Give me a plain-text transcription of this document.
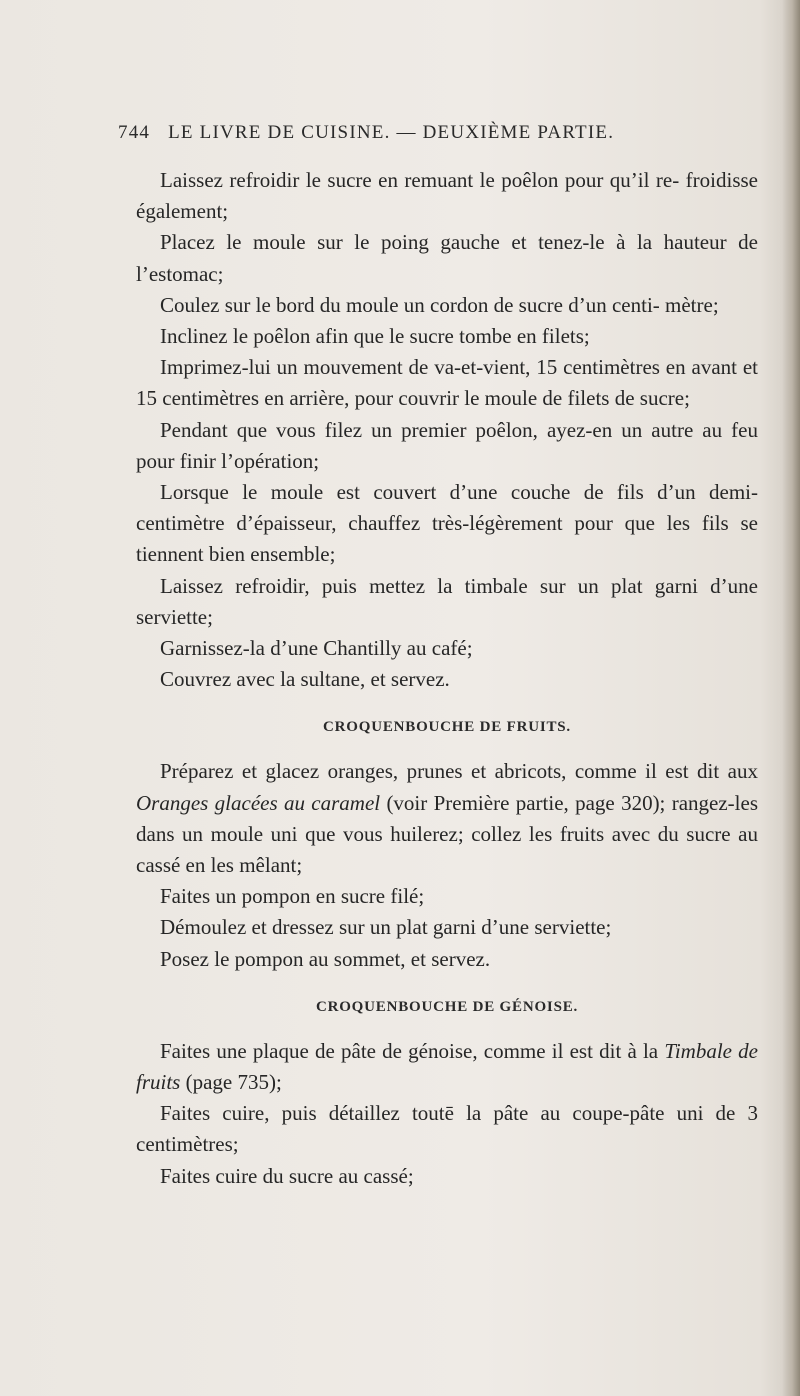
744 LE LIVRE DE CUISINE. — DEUXIÈME PARTIE.

Laissez refroidir le sucre en remuant le poêlon pour qu’il re- froidisse également;

Placez le moule sur le poing gauche et tenez-le à la hauteur de l’estomac;

Coulez sur le bord du moule un cordon de sucre d’un centi- mètre;

Inclinez le poêlon afin que le sucre tombe en filets;

Imprimez-lui un mouvement de va-et-vient, 15 centimètres en avant et 15 centimètres en arrière, pour couvrir le moule de filets de sucre;

Pendant que vous filez un premier poêlon, ayez-en un autre au feu pour finir l’opération;

Lorsque le moule est couvert d’une couche de fils d’un demi-centimètre d’épaisseur, chauffez très-légèrement pour que les fils se tiennent bien ensemble;

Laissez refroidir, puis mettez la timbale sur un plat garni d’une serviette;

Garnissez-la d’une Chantilly au café;

Couvrez avec la sultane, et servez.

CROQUENBOUCHE DE FRUITS.

Préparez et glacez oranges, prunes et abricots, comme il est dit aux Oranges glacées au caramel (voir Première partie, page 320); rangez-les dans un moule uni que vous huilerez; collez les fruits avec du sucre au cassé en les mêlant;

Faites un pompon en sucre filé;

Démoulez et dressez sur un plat garni d’une serviette;

Posez le pompon au sommet, et servez.

CROQUENBOUCHE DE GÉNOISE.

Faites une plaque de pâte de génoise, comme il est dit à la Timbale de fruits (page 735);

Faites cuire, puis détaillez toutē la pâte au coupe-pâte uni de 3 centimètres;

Faites cuire du sucre au cassé;
